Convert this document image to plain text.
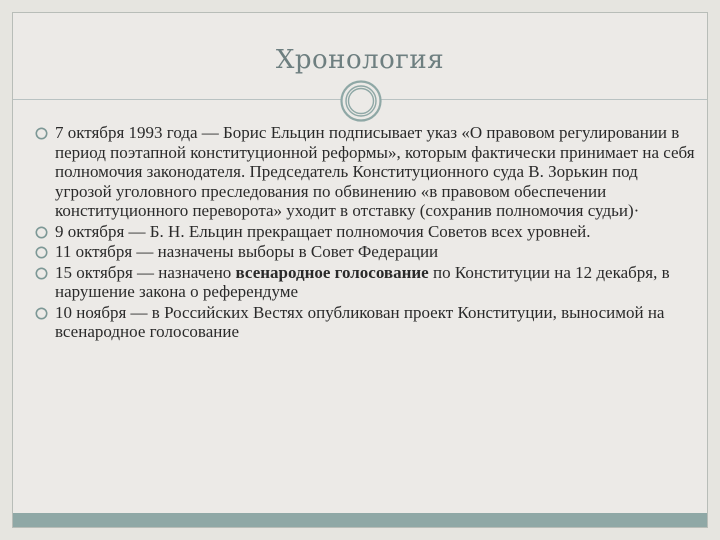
Хронология
7 октября 1993 года — Борис Ельцин подписывает указ «О правовом регулировании в период поэтапной конституционной реформы», которым фактически принимает на себя полномочия законодателя. Председатель Конституционного суда В. Зорькин под угрозой уголовного преследования по обвинению «в правовом обеспечении конституционного переворота» уходит в отставку (сохранив полномочия судьи)·
9 октября — Б. Н. Ельцин прекращает полномочия Советов всех уровней.
11 октября — назначены выборы в Совет Федерации
15 октября — назначено всенародное голосование по Конституции на 12 декабря, в нарушение закона о референдуме
10 ноября — в Российских Вестях опубликован проект Конституции, выносимой на всенародное голосование
